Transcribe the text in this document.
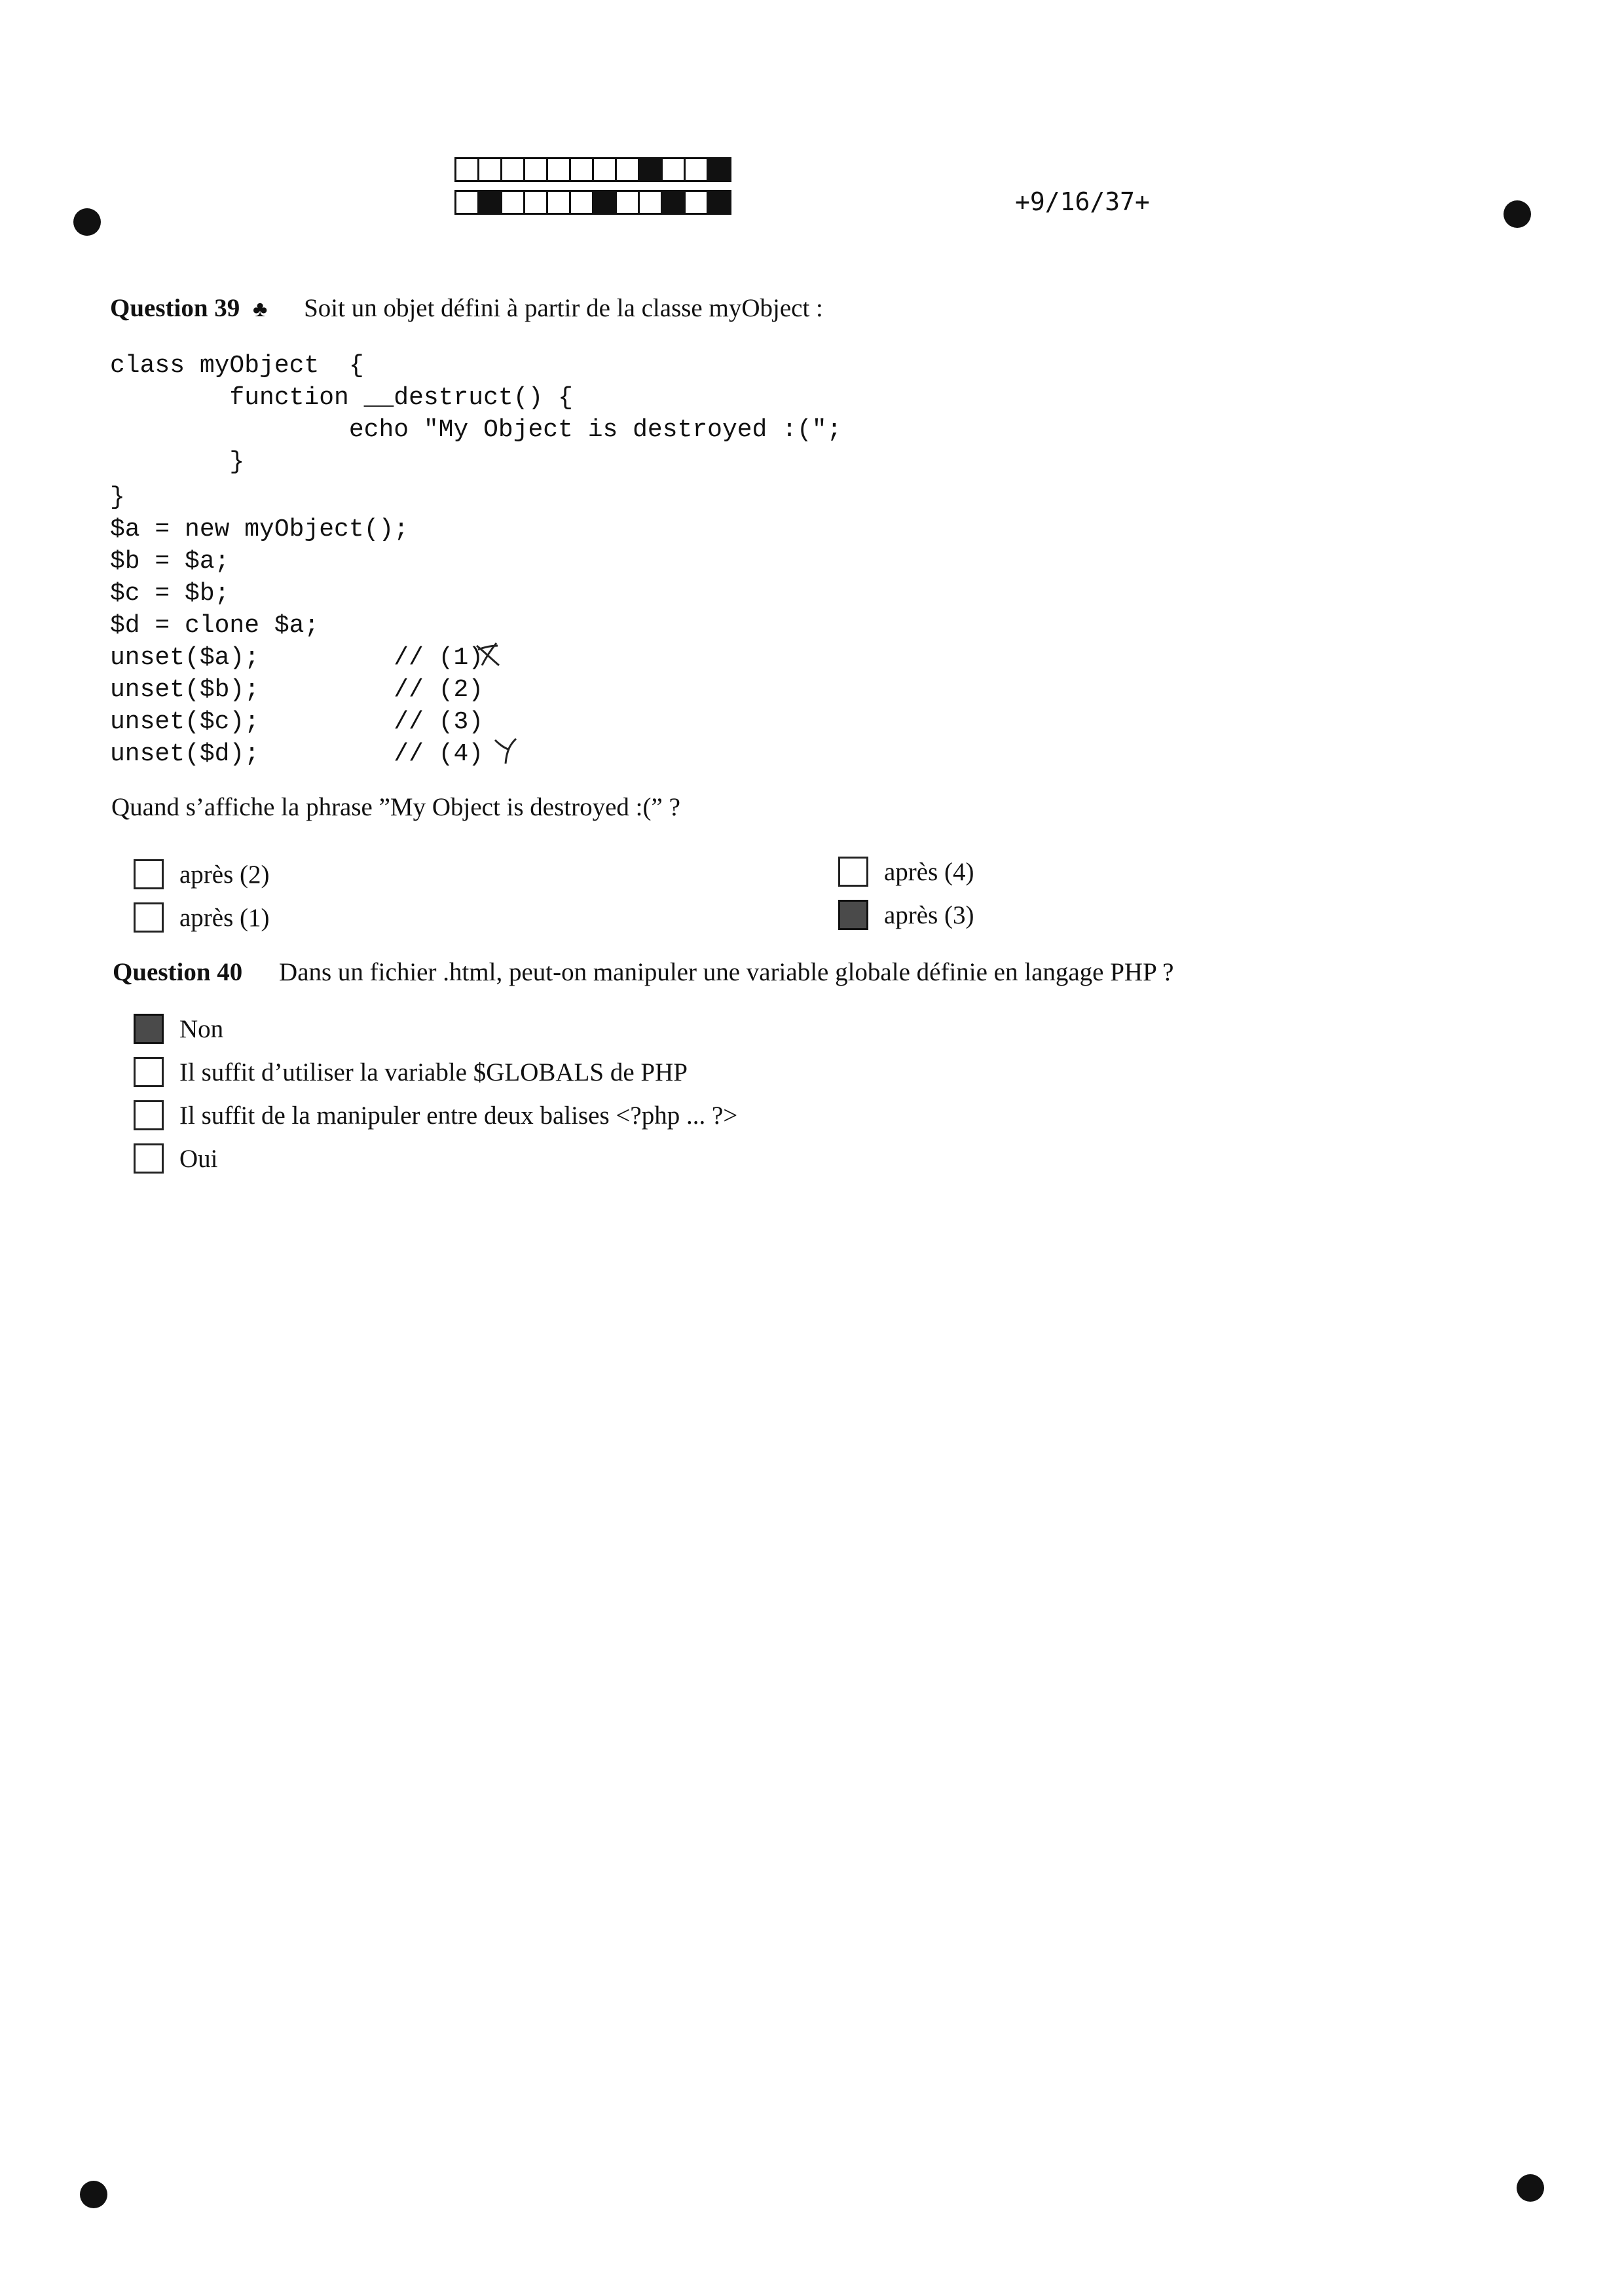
+9/16/37+
Question 39 ♣ Soit un objet défini à partir de la classe myObject :
class myObject  {
function __destruct() {
echo "My Object is destroyed :(";
}
}
$a = new myObject();
$b = $a;
$c = $b;
$d = clone $a;
unset($a);         // (1)
unset($b);         // (2)
unset($c);         // (3)
unset($d);         // (4)
Quand s’affiche la phrase ”My Object is destroyed :(” ?
après (2)
après (1)
après (4)
après (3)
Question 40 Dans un fichier .html, peut-on manipuler une variable globale définie en langage PHP ?
Non
Il suffit d’utiliser la variable $GLOBALS de PHP
Il suffit de la manipuler entre deux balises <?php ... ?>
Oui
